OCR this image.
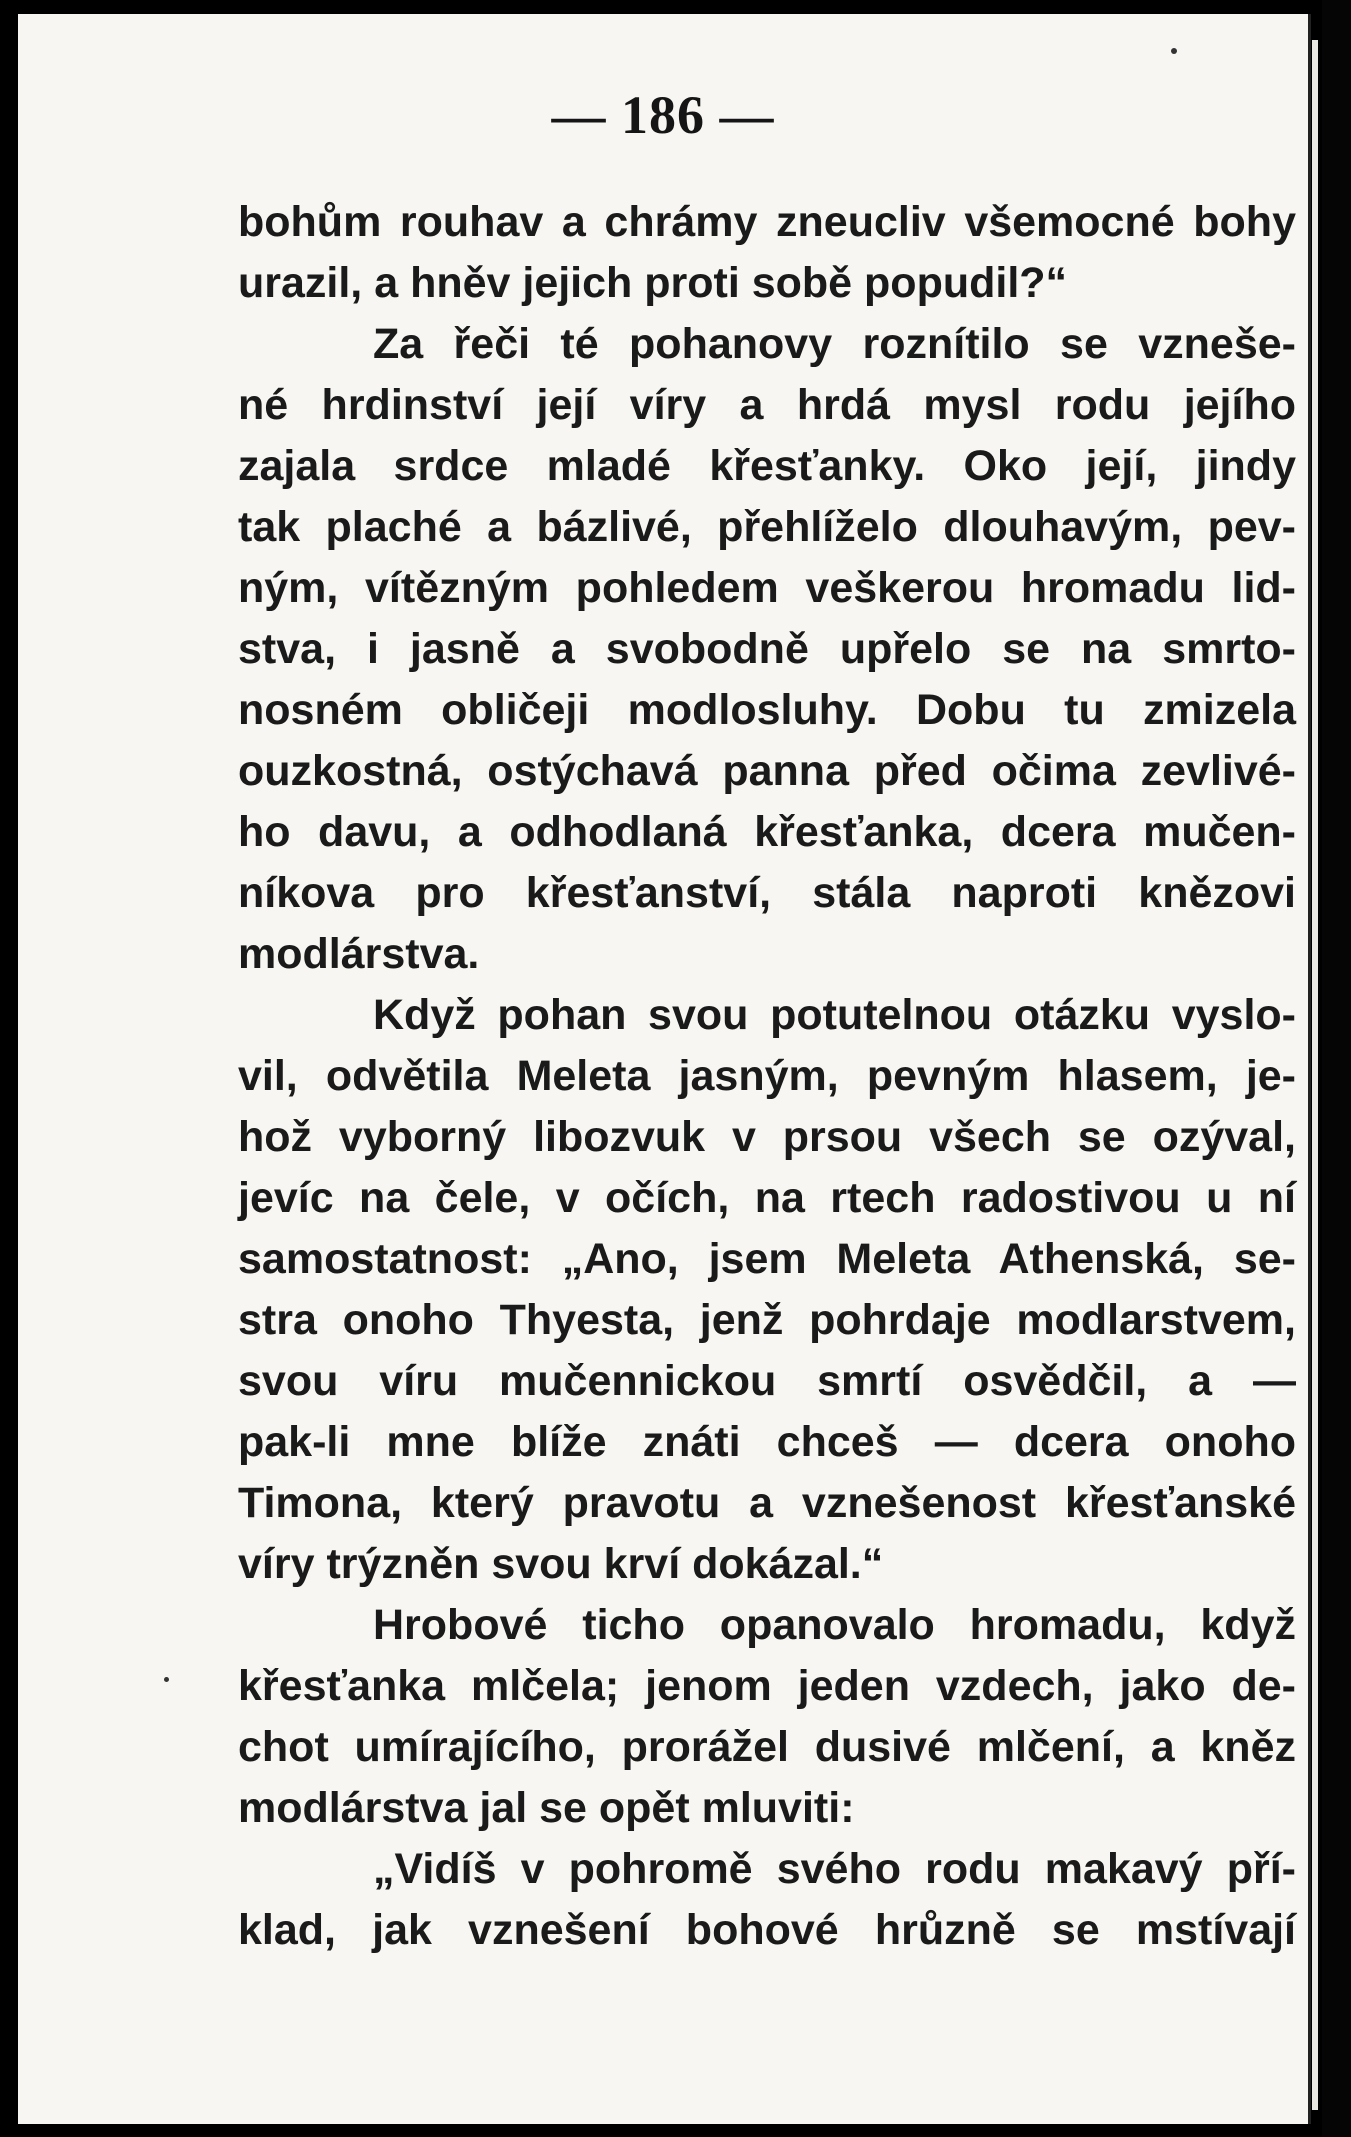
— 186 —
bohům rouhav a chrámy zneucliv všemocné bohy
urazil, a hněv jejich proti sobě popudil?“
Za řeči té pohanovy roznítilo se vzneše-
né hrdinství její víry a hrdá mysl rodu jejího
zajala srdce mladé křesťanky. Oko její, jindy
tak plaché a bázlivé, přehlíželo dlouhavým, pev-
ným, vítězným pohledem veškerou hromadu lid-
stva, i jasně a svobodně upřelo se na smrto-
nosném obličeji modlosluhy. Dobu tu zmizela
ouzkostná, ostýchavá panna před očima zevlivé-
ho davu, a odhodlaná křesťanka, dcera mučen-
níkova pro křesťanství, stála naproti knězovi
modlárstva.
Když pohan svou potutelnou otázku vyslo-
vil, odvětila Meleta jasným, pevným hlasem, je-
hož vyborný libozvuk v prsou všech se ozýval,
jevíc na čele, v očích, na rtech radostivou u ní
samostatnost: „Ano, jsem Meleta Athenská, se-
stra onoho Thyesta, jenž pohrdaje modlarstvem,
svou víru mučennickou smrtí osvědčil, a —
pak-li mne blíže znáti chceš — dcera onoho
Timona, který pravotu a vznešenost křesťanské
víry trýzněn svou krví dokázal.“
Hrobové ticho opanovalo hromadu, když
křesťanka mlčela; jenom jeden vzdech, jako de-
chot umírajícího, prorážel dusivé mlčení, a kněz
modlárstva jal se opět mluviti:
„Vidíš v pohromě svého rodu makavý pří-
klad, jak vznešení bohové hrůzně se mstívají
